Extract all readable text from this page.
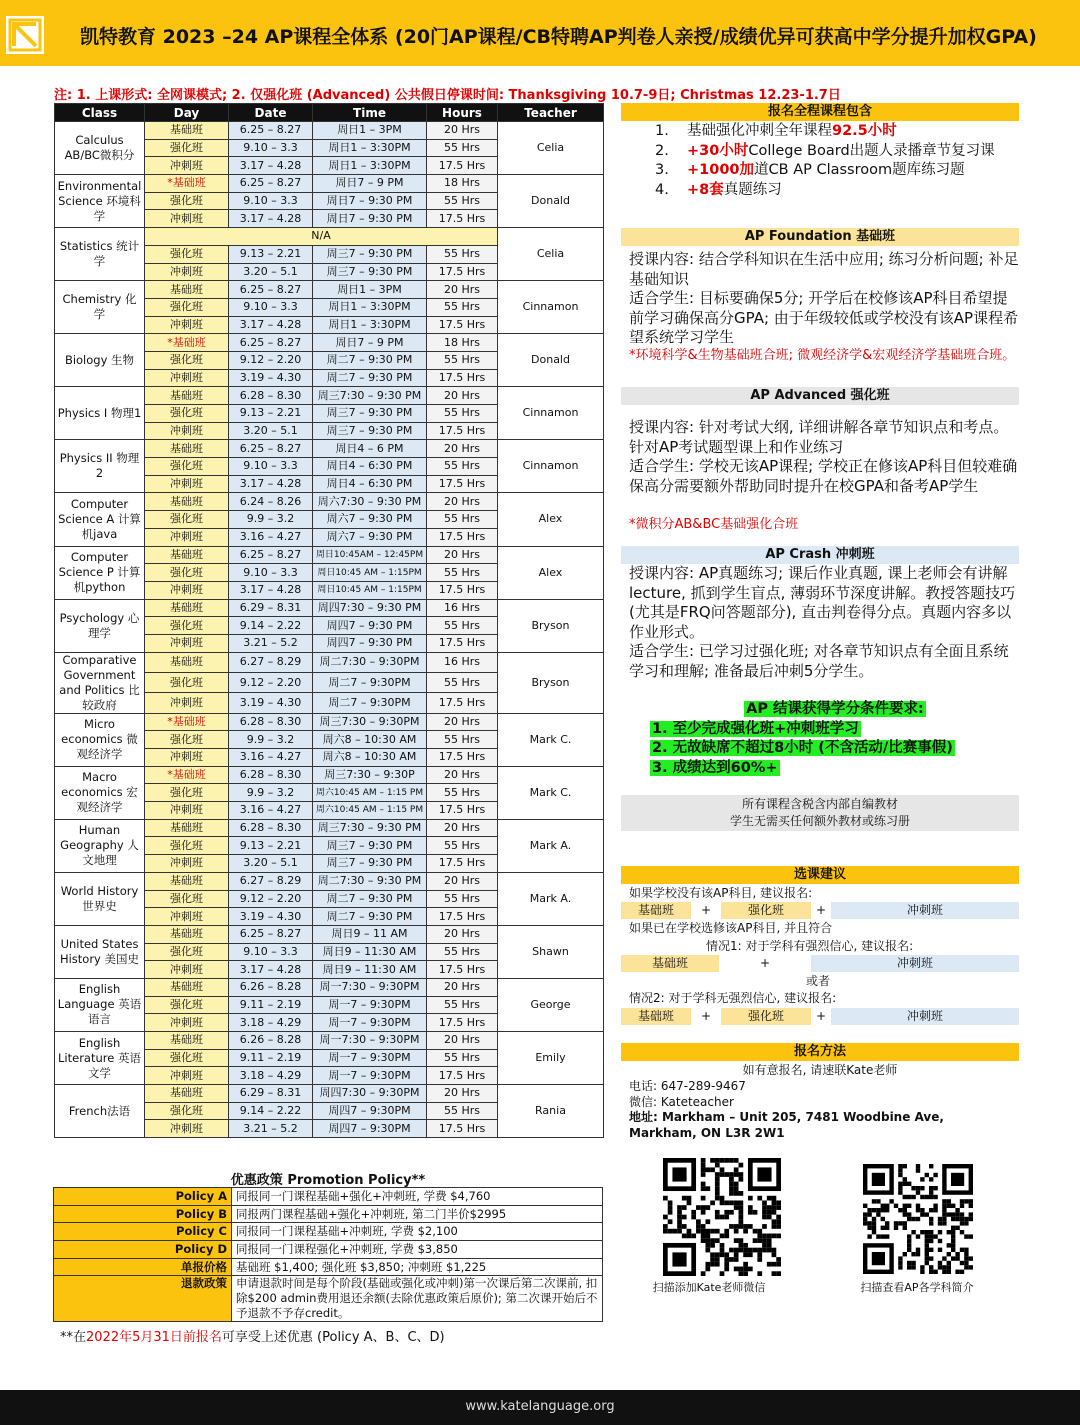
凯特教育 2023 –24 AP课程全体系 (20门AP课程/CB特聘AP判卷人亲授/成绩优异可获高中学分提升加权GPA)
注: 1. 上课形式: 全网课模式; 2. 仅强化班 (Advanced) 公共假日停课时间: Thanksgiving 10.7-9日; Christmas 12.23-1.7日
Class	Day	Date	Time	Hours	Teacher
Calculus AB/BC微积分	基础班	6.25 – 8.27	周日1 – 3PM	20 Hrs	Celia
	强化班	9.10 – 3.3	周日1 – 3:30PM	55 Hrs	
	冲刺班	3.17 – 4.28	周日1 – 3:30PM	17.5 Hrs	
Environmental Science 环境科学	*基础班	6.25 – 8.27	周日7 – 9 PM	18 Hrs	Donald
	强化班	9.10 – 3.3	周日7 – 9:30 PM	55 Hrs	
	冲刺班	3.17 – 4.28	周日7 – 9:30 PM	17.5 Hrs	
Statistics 统计学	N/A				Celia
	强化班	9.13 – 2.21	周三7 – 9:30 PM	55 Hrs	
	冲刺班	3.20 – 5.1	周三7 – 9:30 PM	17.5 Hrs	
Chemistry 化学	基础班	6.25 – 8.27	周日1 – 3PM	20 Hrs	Cinnamon
	强化班	9.10 – 3.3	周日1 – 3:30PM	55 Hrs	
	冲刺班	3.17 – 4.28	周日1 – 3:30PM	17.5 Hrs	
Biology 生物	*基础班	6.25 – 8.27	周日7 – 9 PM	18 Hrs	Donald
	强化班	9.12 – 2.20	周二7 – 9:30 PM	55 Hrs	
	冲刺班	3.19 – 4.30	周二7 – 9:30 PM	17.5 Hrs	
Physics I 物理1	基础班	6.28 – 8.30	周三7:30 – 9:30 PM	20 Hrs	Cinnamon
	强化班	9.13 – 2.21	周三7 – 9:30 PM	55 Hrs	
	冲刺班	3.20 – 5.1	周三7 – 9:30 PM	17.5 Hrs	
Physics II 物理2	基础班	6.25 – 8.27	周日4 – 6 PM	20 Hrs	Cinnamon
	强化班	9.10 – 3.3	周日4 – 6:30 PM	55 Hrs	
	冲刺班	3.17 – 4.28	周日4 – 6:30 PM	17.5 Hrs	
Computer Science A 计算机java	基础班	6.24 – 8.26	周六7:30 – 9:30 PM	20 Hrs	Alex
	强化班	9.9 – 3.2	周六7 – 9:30 PM	55 Hrs	
	冲刺班	3.16 – 4.27	周六7 – 9:30 PM	17.5 Hrs	
Computer Science P 计算机python	基础班	6.25 – 8.27	周日10:45AM – 12:45PM	20 Hrs	Alex
	强化班	9.10 – 3.3	周日10:45 AM – 1:15PM	55 Hrs	
	冲刺班	3.17 – 4.28	周日10:45 AM – 1:15PM	17.5 Hrs	
Psychology 心理学	基础班	6.29 – 8.31	周四7:30 – 9:30 PM	16 Hrs	Bryson
	强化班	9.14 – 2.22	周四7 – 9:30 PM	55 Hrs	
	冲刺班	3.21 – 5.2	周四7 – 9:30 PM	17.5 Hrs	
Comparative Government and Politics 比较政府	基础班	6.27 – 8.29	周二7:30 – 9:30PM	16 Hrs	Bryson
	强化班	9.12 – 2.20	周二7 – 9:30PM	55 Hrs	
	冲刺班	3.19 – 4.30	周二7 – 9:30PM	17.5 Hrs	
Micro economics 微观经济学	*基础班	6.28 – 8.30	周三7:30 – 9:30PM	20 Hrs	Mark C.
	强化班	9.9 – 3.2	周六8 – 10:30 AM	55 Hrs	
	冲刺班	3.16 – 4.27	周六8 – 10:30 AM	17.5 Hrs	
Macro economics 宏观经济学	*基础班	6.28 – 8.30	周三7:30 – 9:30P	20 Hrs	Mark C.
	强化班	9.9 – 3.2	周六10:45 AM – 1:15 PM	55 Hrs	
	冲刺班	3.16 – 4.27	周六10:45 AM – 1:15 PM	17.5 Hrs	
Human Geography 人文地理	基础班	6.28 – 8.30	周三7:30 – 9:30 PM	20 Hrs	Mark A.
	强化班	9.13 – 2.21	周三7 – 9:30 PM	55 Hrs	
	冲刺班	3.20 – 5.1	周三7 – 9:30 PM	17.5 Hrs	
World History 世界史	基础班	6.27 – 8.29	周二7:30 – 9:30 PM	20 Hrs	Mark A.
	强化班	9.12 – 2.20	周二7 – 9:30 PM	55 Hrs	
	冲刺班	3.19 – 4.30	周二7 – 9:30 PM	17.5 Hrs	
United States History 美国史	基础班	6.25 – 8.27	周日9 – 11 AM	20 Hrs	Shawn
	强化班	9.10 – 3.3	周日9 – 11:30 AM	55 Hrs	
	冲刺班	3.17 – 4.28	周日9 – 11:30 AM	17.5 Hrs	
English Language 英语语言	基础班	6.26 – 8.28	周一7:30 – 9:30PM	20 Hrs	George
	强化班	9.11 – 2.19	周一7 – 9:30PM	55 Hrs	
	冲刺班	3.18 – 4.29	周一7 – 9:30PM	17.5 Hrs	
English Literature 英语文学	基础班	6.26 – 8.28	周一7:30 – 9:30PM	20 Hrs	Emily
	强化班	9.11 – 2.19	周一7 – 9:30PM	55 Hrs	
	冲刺班	3.18 – 4.29	周一7 – 9:30PM	17.5 Hrs	
French法语	基础班	6.29 – 8.31	周四7:30 – 9:30PM	20 Hrs	Rania
	强化班	9.14 – 2.22	周四7 – 9:30PM	55 Hrs	
	冲刺班	3.21 – 5.2	周四7 – 9:30PM	17.5 Hrs	
报名全程课程包含
1.	基础强化冲刺全年课程 92.5小时
2.	+30小时 College Board出题人录播章节复习课
3.	+1000加 道CB AP Classroom题库练习题
4.	+8套 真题练习
AP Foundation 基础班
授课内容: 结合学科知识在生活中应用; 练习分析问题; 补足基础知识
适合学生: 目标要确保5分; 开学后在校修该AP科目希望提前学习确保高分GPA; 由于年级较低或学校没有该AP课程希望系统学习学生
*环境科学&生物基础班合班; 微观经济学&宏观经济学基础班合班。
AP Advanced 强化班
授课内容: 针对考试大纲, 详细讲解各章节知识点和考点。针对AP考试题型课上和作业练习
适合学生: 学校无该AP课程; 学校正在修该AP科目但较难确保高分需要额外帮助同时提升在校GPA和备考AP学生
*微积分AB&BC基础强化合班
AP Crash 冲刺班
授课内容: AP真题练习; 课后作业真题, 课上老师会有讲解lecture, 抓到学生盲点, 薄弱环节深度讲解。教授答题技巧 (尤其是FRQ问答题部分), 直击判卷得分点。真题内容多以作业形式。
适合学生: 已学习过强化班; 对各章节知识点有全面且系统学习和理解; 准备最后冲刺5分学生。
AP 结课获得学分条件要求:
1. 至少完成强化班+冲刺班学习
2. 无故缺席不超过8小时 (不含活动/比赛事假)
3. 成绩达到60%+
所有课程含税含内部自编教材
学生无需买任何额外教材或练习册
选课建议
如果学校没有该AP科目, 建议报名:
基础班	+	强化班	+	冲刺班
如果已在学校选修该AP科目, 并且符合
情况1: 对于学科有强烈信心, 建议报名:
基础班	+	冲刺班
或者
情况2: 对于学科无强烈信心, 建议报名:
基础班	+	强化班	+	冲刺班
报名方法
如有意报名, 请速联Kate老师
电话: 647-289-9467
微信: Kateteacher
地址: Markham – Unit 205, 7481 Woodbine Ave, Markham, ON L3R 2W1
扫描添加Kate老师微信	扫描查看AP各学科简介
优惠政策 Promotion Policy**
Policy A	同报同一门课程基础+强化+冲刺班, 学费 $4,760
Policy B	同报两门课程基础+强化+冲刺班, 第二门半价$2995
Policy C	同报同一门课程基础+冲刺班, 学费 $2,100
Policy D	同报同一门课程强化+冲刺班, 学费 $3,850
单报价格	基础班 $1,400; 强化班 $3,850; 冲刺班 $1,225
退款政策	申请退款时间是每个阶段(基础或强化或冲刺)第一次课后第二次课前, 扣除$200 admin费用退还余额(去除优惠政策后原价); 第二次课开始后不予退款不予存credit。
**在2022年5月31日前报名可享受上述优惠 (Policy A、B、C、D)
www.katelanguage.org
